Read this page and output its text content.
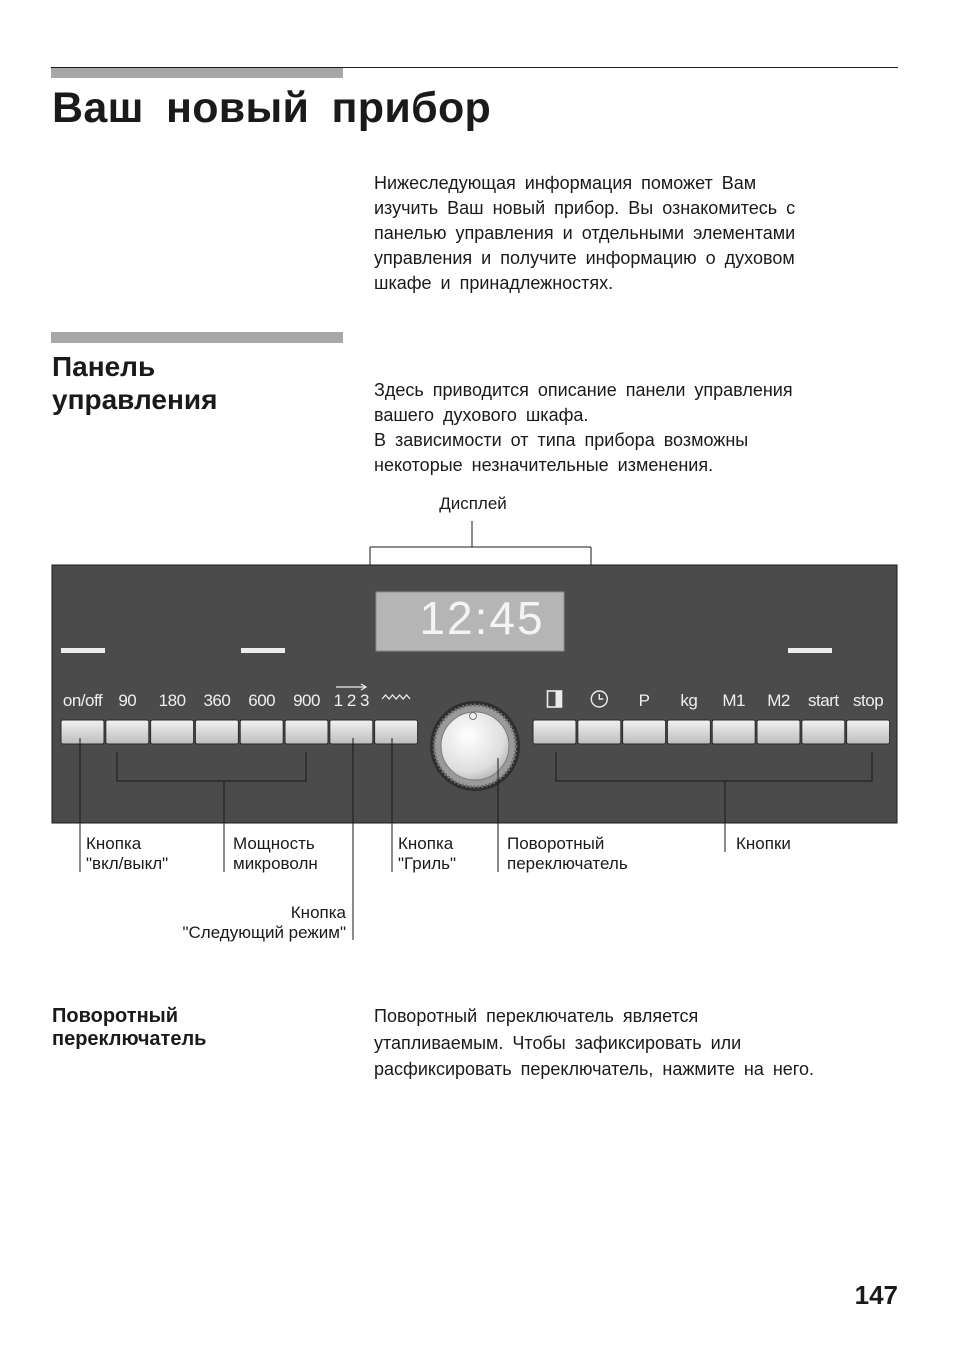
Ваш новый прибор

Нижеследующая информация поможет Вам
изучить Ваш новый прибор. Вы ознакомитесь с
панелью управления и отдельными элементами
управления и получите информацию о духовом
шкафе и принадлежностях.

Панель
управления	Здесь приводится описание панели управления
вашего духового шкафа.
В зависимости от типа прибора возможны
некоторые незначительные изменения.

Дисплей
12:45
on/off 90 180 360 600 900 1 2 3	P kg M1 M2 start stop
Кнопка
"вкл/выкл"
Мощность
микроволн
Кнопка
"Гриль"
Поворотный
переключатель
Кнопки
Кнопка
"Следующий режим"
Поворотный
переключатель

Поворотный переключатель является
утапливаемым. Чтобы зафиксировать или
расфиксировать переключатель, нажмите на него.

147
